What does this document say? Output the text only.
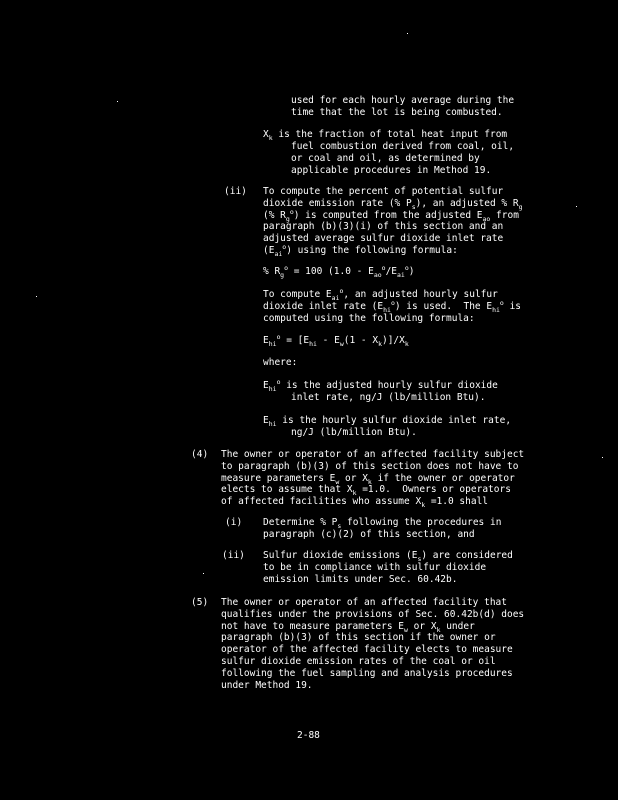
used for each hourly average during the
time that the lot is being combusted.
$X_k$ is the fraction of total heat input from
fuel combustion derived from coal, oil,
or coal and oil, as determined by
applicable procedures in Method 19.
(ii) To compute the percent of potential sulfur
dioxide emission rate (% $P_s$), an adjusted % $R_g$
(% $R_g^o$) is computed from the adjusted $E_{ao}$ from
paragraph (b)(3)(i) of this section and an
adjusted average sulfur dioxide inlet rate
$(E_{ai}^o)$ using the following formula:
% $R_g^o = 100$ $(1.0 - E_{ao}^o/E_{ai}^o)$
To compute $E_{ai}^o$, an adjusted hourly sulfur
dioxide inlet rate $(E_{hi}^o)$ is used.  The $E_{hi}^o$ is
computed using the following formula:
$E_{hi}^o = [E_{hi} - E_w(1 - X_k)]/X_k$
where:
$E_{hi}^o$ is the adjusted hourly sulfur dioxide
inlet rate, ng/J (lb/million Btu).
$E_{hi}$ is the hourly sulfur dioxide inlet rate,
ng/J (lb/million Btu).
(4) The owner or operator of an affected facility subject
to paragraph (b)(3) of this section does not have to
measure parameters $E_w$ or $X_k$ if the owner or operator
elects to assume that $X_k =1.0$.  Owners or operators
of affected facilities who assume $X_k =1.0$ shall
(i) Determine % $P_s$ following the procedures in
paragraph (c)(2) of this section, and
(ii) Sulfur dioxide emissions $(E_s)$ are considered
to be in compliance with sulfur dioxide
emission limits under Sec. 60.42b.
(5) The owner or operator of an affected facility that
qualifies under the provisions of Sec. 60.42b(d) does
not have to measure parameters $E_w$ or $X_k$ under
paragraph (b)(3) of this section if the owner or
operator of the affected facility elects to measure
sulfur dioxide emission rates of the coal or oil
following the fuel sampling and analysis procedures
under Method 19.
2-88
